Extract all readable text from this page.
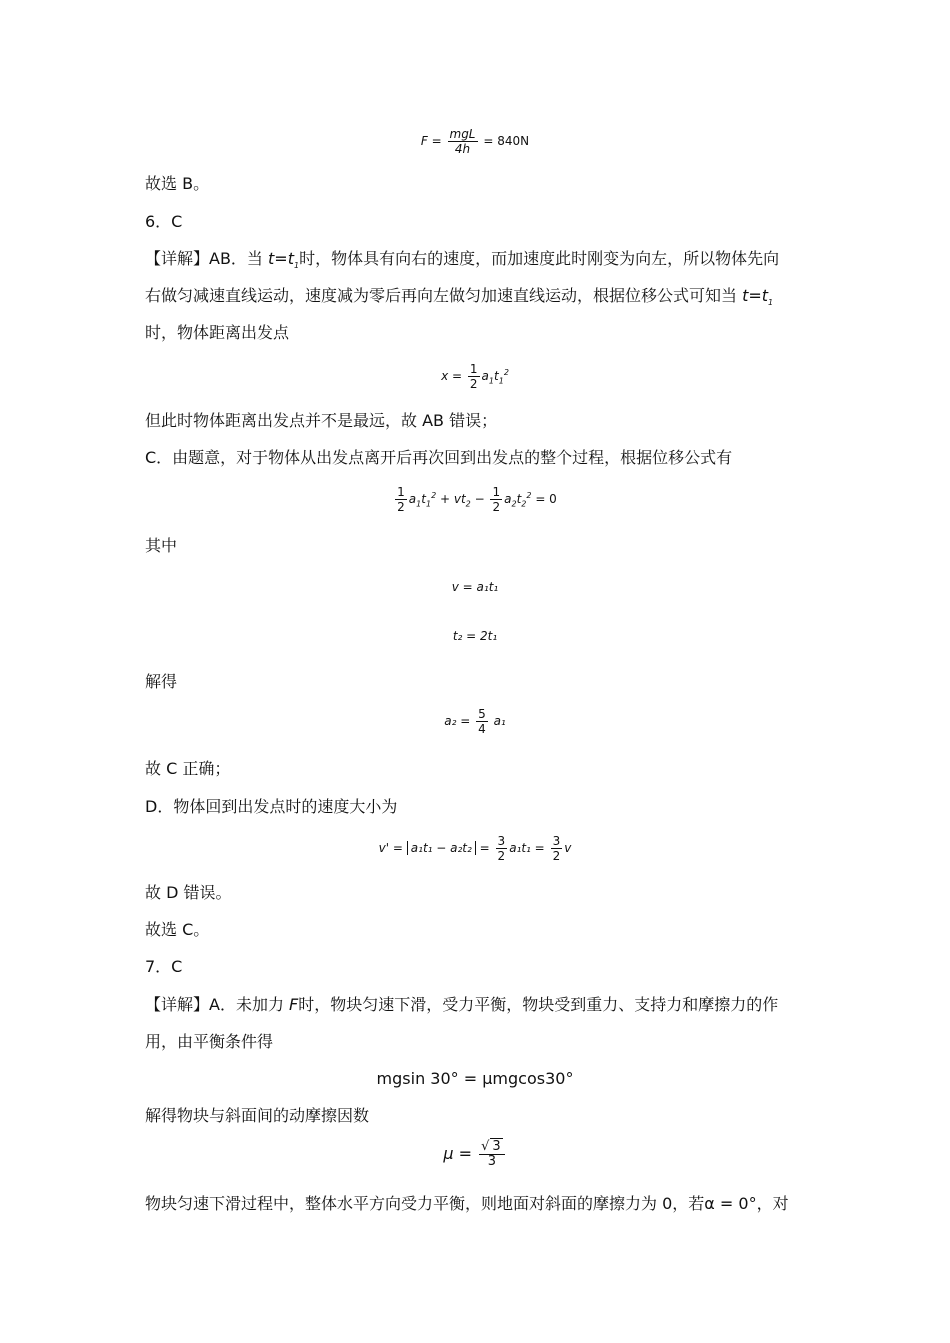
$F = \frac{\text{mgL}}{4h} = 840N$
故选 B。
6．C
【详解】AB．当 $t=t_1$时，物体具有向右的速度，而加速度此时刚变为向左，所以物体先向
右做匀减速直线运动，速度减为零后再向左做匀加速直线运动，根据位移公式可知当 $t=t_1$
时，物体距离出发点
$x = \frac{1}{2} a_1t_1^2$
但此时物体距离出发点并不是最远，故 AB 错误；
C．由题意，对于物体从出发点离开后再次回到出发点的整个过程，根据位移公式有
$\frac{1}{2} a_1t_1^2 + vt_2 - \frac{1}{2} a_2t_2^2 = 0$
其中
v = a₁t₁
t₂ = 2t₁
解得
$a_2 = \frac{5}{4} a_1$
故 C 正确；
D．物体回到出发点时的速度大小为
$v' = a_1t_1 - a_2t_2 = \frac{3}{2} a_1t_1 = \frac{3}{2}$ v
故 D 错误。
故选 C。
7．C
【详解】A．未加力 F时，物块匀速下滑，受力平衡，物块受到重力、支持力和摩擦力的作
用，由平衡条件得
mgsin 30° = μmgcos30°
解得物块与斜面间的动摩擦因数
$\mu = \frac{√ 3}{3}$
物块匀速下滑过程中，整体水平方向受力平衡，则地面对斜面的摩擦力为 0，若α = 0°，对
